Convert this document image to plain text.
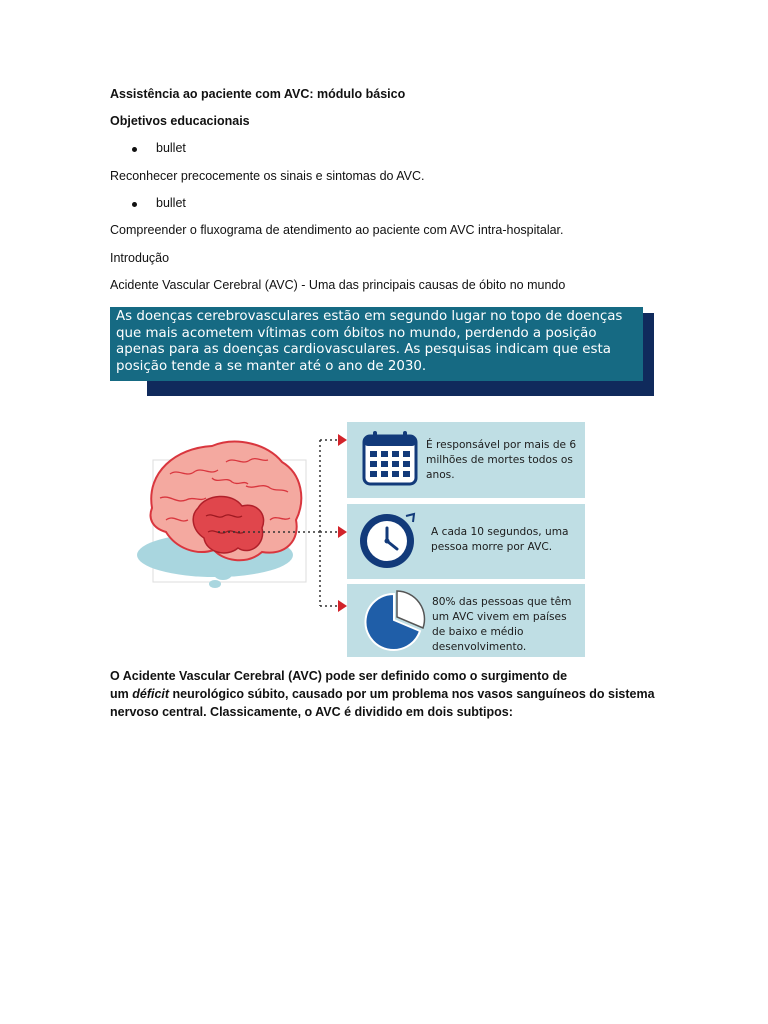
Assistência ao paciente com AVC: módulo básico
Objetivos educacionais
bullet
Reconhecer precocemente os sinais e sintomas do AVC.
bullet
Compreender o fluxograma de atendimento ao paciente com AVC intra-hospitalar.
Introdução
Acidente Vascular Cerebral (AVC) - Uma das principais causas de óbito no mundo
As doenças cerebrovasculares estão em segundo lugar no topo de doenças que mais acometem vítimas com óbitos no mundo, perdendo a posição apenas para as doenças cardiovasculares. As pesquisas indicam que esta posição tende a se manter até o ano de 2030.
É responsável por mais de 6 milhões de mortes todos os anos.
A cada 10 segundos, uma pessoa morre por AVC.
80% das pessoas que têm um AVC vivem em países de baixo e médio desenvolvimento.
O Acidente Vascular Cerebral (AVC) pode ser definido como o surgimento de
um déficit neurológico súbito, causado por um problema nos vasos sanguíneos do sistema
nervoso central. Classicamente, o AVC é dividido em dois subtipos:
